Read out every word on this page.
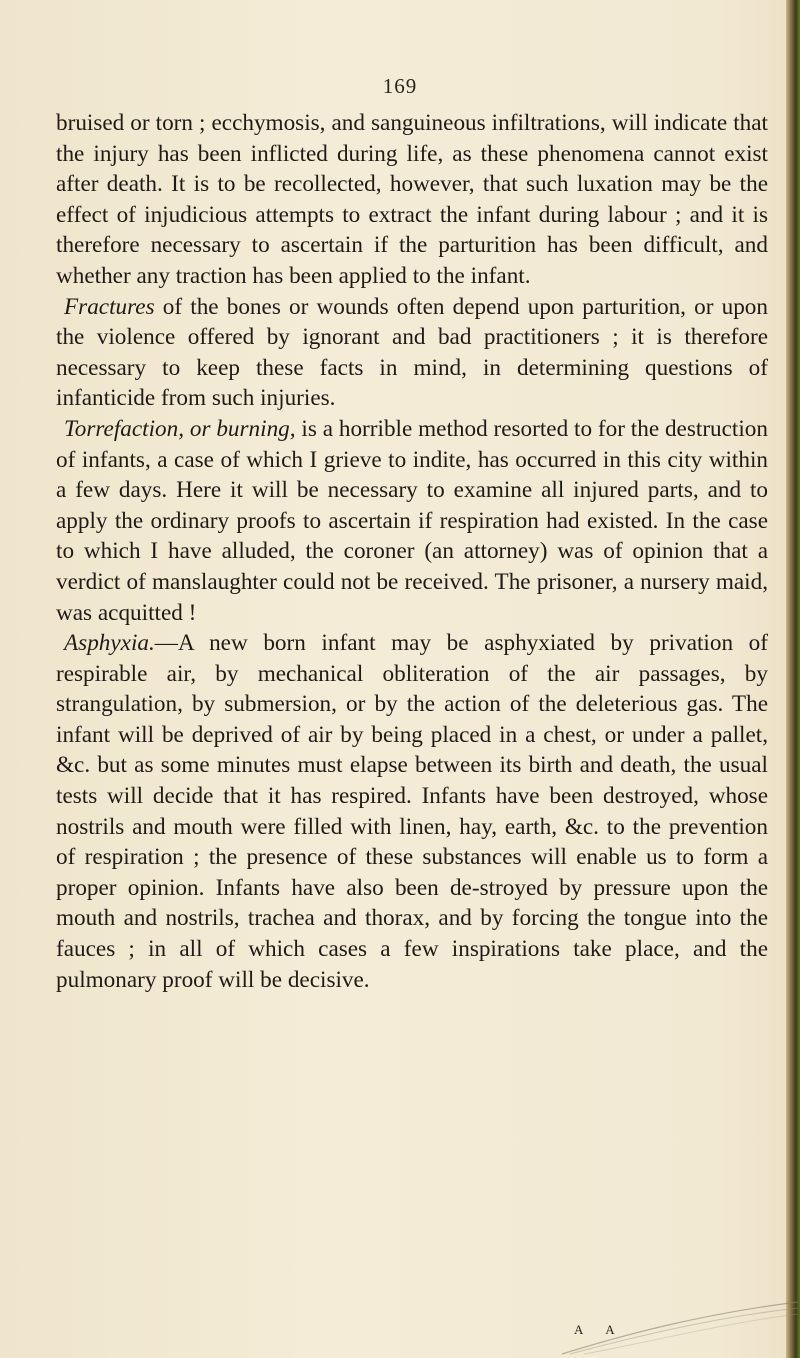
169

bruised or torn ; ecchymosis, and sanguineous infiltrations, will indicate that the injury has been inflicted during life, as these phenomena cannot exist after death. It is to be recollected, however, that such luxation may be the effect of injudicious attempts to extract the infant during labour ; and it is therefore necessary to ascertain if the parturition has been difficult, and whether any traction has been applied to the infant.

Fractures of the bones or wounds often depend upon parturition, or upon the violence offered by ignorant and bad practitioners ; it is therefore necessary to keep these facts in mind, in determining questions of infanticide from such injuries.

Torrefaction, or burning, is a horrible method resorted to for the destruction of infants, a case of which I grieve to indite, has occurred in this city within a few days. Here it will be necessary to examine all injured parts, and to apply the ordinary proofs to ascertain if respiration had existed. In the case to which I have alluded, the coroner (an attorney) was of opinion that a verdict of manslaughter could not be received. The prisoner, a nursery maid, was acquitted !

Asphyxia.—A new born infant may be asphyxiated by privation of respirable air, by mechanical obliteration of the air passages, by strangulation, by submersion, or by the action of the deleterious gas. The infant will be deprived of air by being placed in a chest, or under a pallet, &c. but as some minutes must elapse between its birth and death, the usual tests will decide that it has respired. Infants have been destroyed, whose nostrils and mouth were filled with linen, hay, earth, &c. to the prevention of respiration ; the presence of these substances will enable us to form a proper opinion. Infants have also been de-stroyed by pressure upon the mouth and nostrils, trachea and thorax, and by forcing the tongue into the fauces ; in all of which cases a few inspirations take place, and the pulmonary proof will be decisive.

A A
